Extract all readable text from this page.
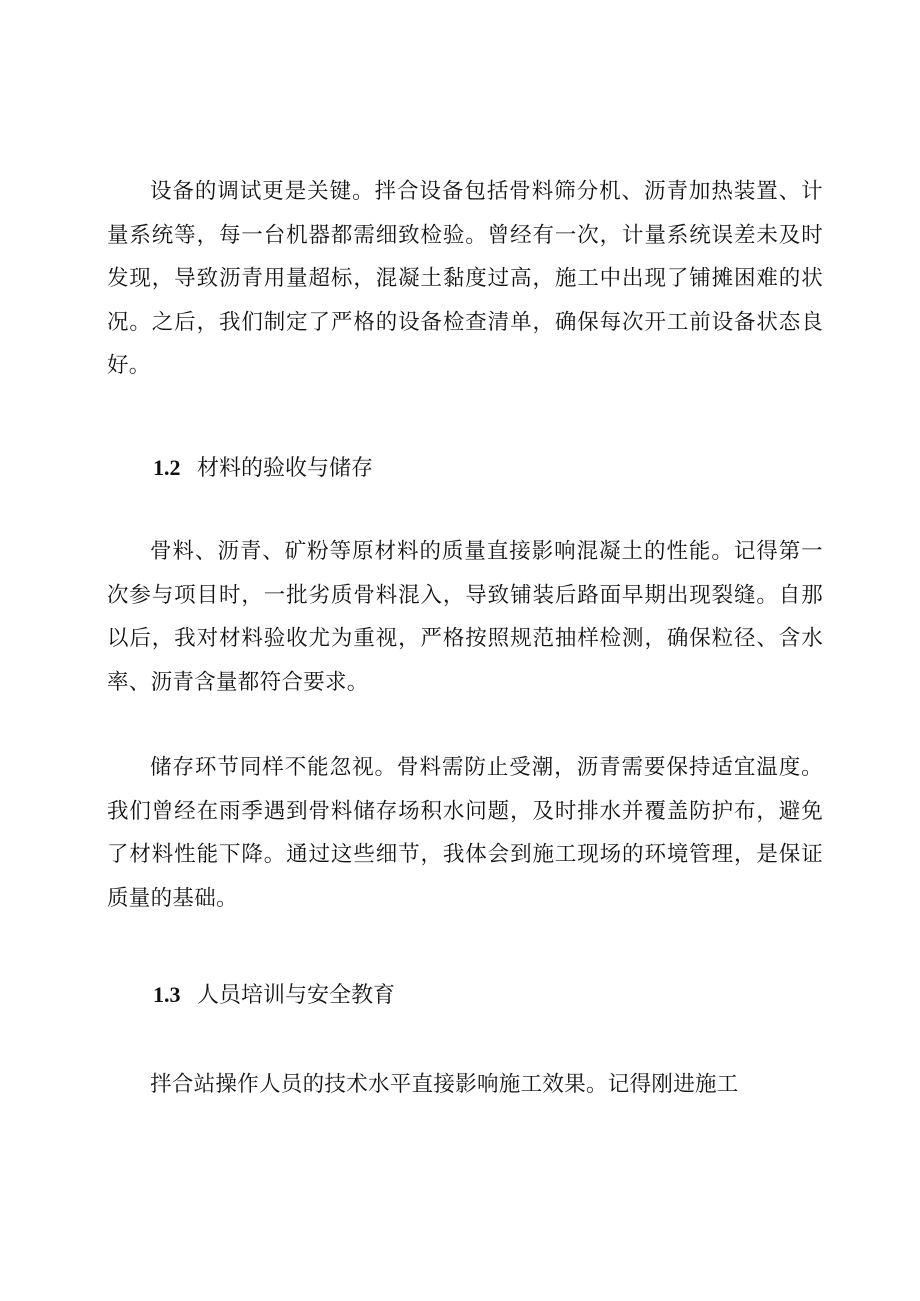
设备的调试更是关键。拌合设备包括骨料筛分机、沥青加热装置、计量系统等，每一台机器都需细致检验。曾经有一次，计量系统误差未及时发现，导致沥青用量超标，混凝土黏度过高，施工中出现了铺摊困难的状况。之后，我们制定了严格的设备检查清单，确保每次开工前设备状态良好。

1.2 材料的验收与储存

骨料、沥青、矿粉等原材料的质量直接影响混凝土的性能。记得第一次参与项目时，一批劣质骨料混入，导致铺装后路面早期出现裂缝。自那以后，我对材料验收尤为重视，严格按照规范抽样检测，确保粒径、含水率、沥青含量都符合要求。

储存环节同样不能忽视。骨料需防止受潮，沥青需要保持适宜温度。我们曾经在雨季遇到骨料储存场积水问题，及时排水并覆盖防护布，避免了材料性能下降。通过这些细节，我体会到施工现场的环境管理，是保证质量的基础。

1.3 人员培训与安全教育

拌合站操作人员的技术水平直接影响施工效果。记得刚进施工
